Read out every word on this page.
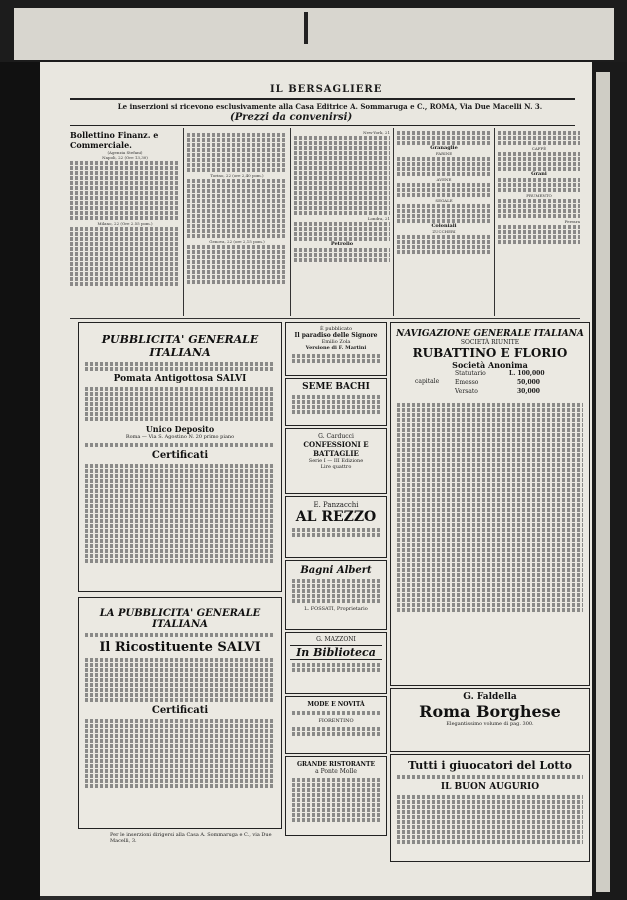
IL BERSAGLIERE
Le inserzioni si ricevono esclusivamente alla Casa Editrice A. Sommaruga e C., ROMA, Via Due Macelli N. 3.
(Prezzi da convenirsi)
Bollettino Finanz. e Commerciale.
(Agenzia Stefani)
Napoli, 22 (Ore 13,30)
Milano, 22 (Ore 2.55 pom.)
Torino, 22 (ore 2,40 pom.)
Genova, 22 (ore 2,15 pom.)
New-York, 21
Londra, 21
Petrolio
Granaglie
FARINE
AVENE
SEGALE
Coloniali
ZUCCHERI
CAFFÈ
Grani
FRUMENTO
Ferrara
PUBBLICITA' GENERALE ITALIANA
Pomata Antigottosa SALVI
Unico Deposito
Roma — Via S. Agostino N. 20 primo piano
Certificati
LA PUBBLICITA' GENERALE ITALIANA
Il Ricostituente SALVI
Certificati
È pubblicato
Il paradiso delle Signore
Emilio Zola
Versione di F. Martini
SEME BACHI
G. Carducci
CONFESSIONI E BATTAGLIE
Serie I — III Edizione
Lire quattro
E. Panzacchi
AL REZZO
Bagni Albert
L. FOSSATI, Proprietario
G. MAZZONI
In Biblioteca
MODE E NOVITÀ
FIORENTINO
GRANDE RISTORANTE
a Ponte Molle
NAVIGAZIONE GENERALE ITALIANA
SOCIETÀ RIUNITE
RUBATTINO E FLORIO
Società Anonima
capitale
Statutario
Emesso
Versato
L. 100,000
50,000
30,000
G. Faldella
Roma Borghese
Elegantissimo volume di pag. 300.
Tutti i giuocatori del Lotto
IL BUON AUGURIO
Per le inserzioni dirigersi alla Casa A. Sommaruga e C., via Due Macelli, 3.
